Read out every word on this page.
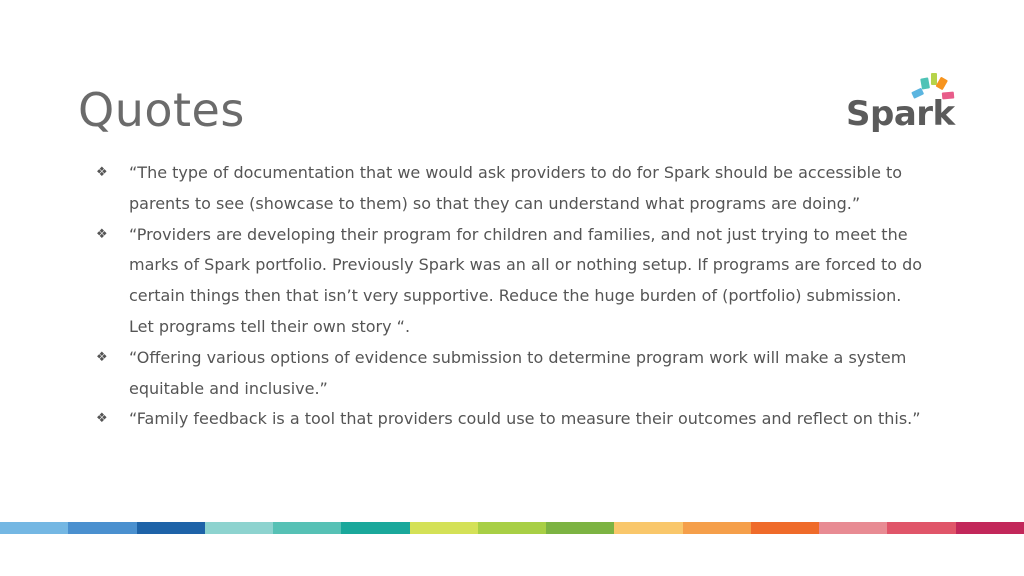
Quotes	Spark
❖ “The type of documentation that we would ask providers to do for Spark should be accessible to parents to see (showcase to them) so that they can understand what programs are doing.”
❖ “Providers are developing their program for children and families, and not just trying to meet the marks of Spark portfolio. Previously Spark was an all or nothing setup. If programs are forced to do certain things then that isn’t very supportive. Reduce the huge burden of (portfolio) submission. Let programs tell their own story “.
❖ “Offering various options of evidence submission to determine program work will make a system equitable and inclusive.”
❖ “Family feedback is a tool that providers could use to measure their outcomes and reflect on this.”
